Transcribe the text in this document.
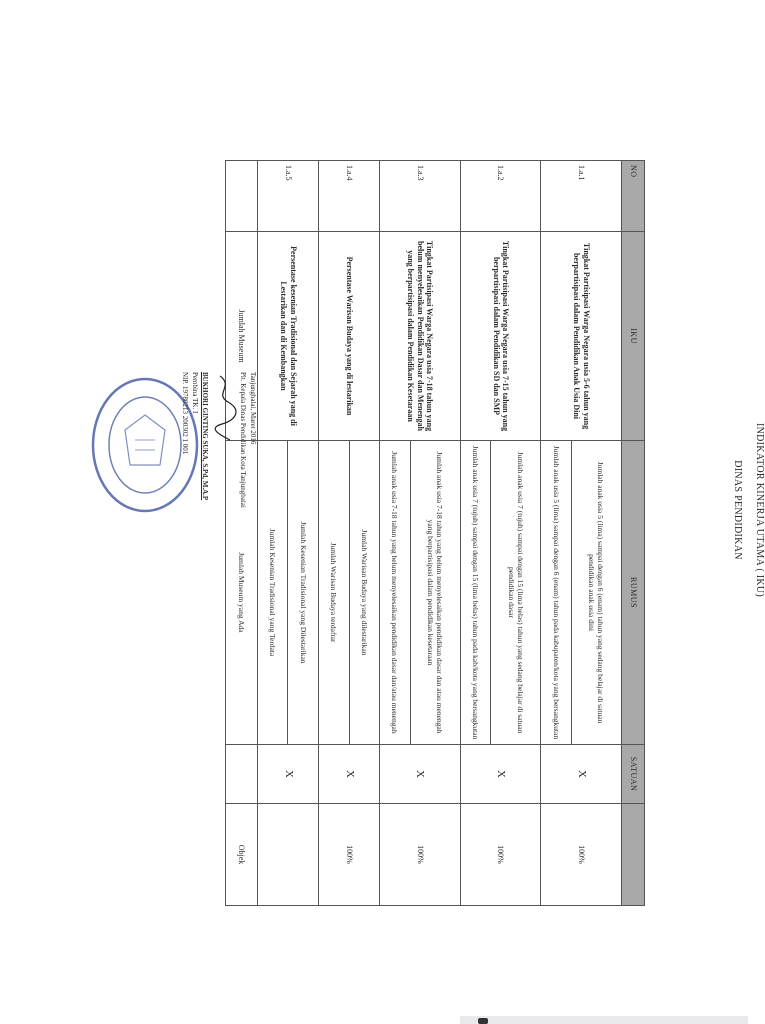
INDIKATOR KINERJA UTAMA ( IKU)
DINAS PENDIDIKAN
NO	IKU	RUMUS	SATUAN	
1.a.1	Tingkat Partisipasi Warga Negara usia 5-6 tahun yang berpartisipasi dalam Pendidikan Anak Usia Dini	Jumlah anak usia 5 (lima) sampai dengan 6 (enam) tahun yang sedang belajar di satuan pendidikan anak usia dini	X	100%
		Jumlah anak usia 5 (lima) sampai dengan 6 (enam) tahun pada kabupaten/kota yang bersangkutan		
1.a.2	Tingkat Partisipasi Warga Negara usia 7-15 tahun yang berpartisipasi dalam Pendidikan SD dan SMP	Jumlah anak usia 7 (tujuh) sampai dengan 15 (lima belas) tahun yang sedang belajar di satuan pendidikan dasar	X	100%
		Jumlah anak usia 7 (tujuh) sampai dengan 15 (lima belas) tahun pada kab/kota yang bersangkutan		
1.a.3	Tingkat Partisipasi Warga Negara usia 7-18 tahun yang belum menyelesaikan Pendidikan Dasar dan Menengah yang berpartisipasi dalam Pendidikan Kesetaraan	Jumlah anak usia 7-18 tahun yang belum menyelesaikan pendidikan dasar dan atau menengah yang berpartisipasi dalam pendidikan kesetaraan	X	100%
		Jumlah anak usia 7-18 tahun yang belum menyelesaikan pendidikan dasar dan/atau menengah		
1.a.4	Persentase Warisan Budaya yang di lestarikan	Jumlah Warisan Budaya yang dilestarikan	X	100%
		Jumlah Warisan Budaya terdaftar		
1.a.5	Persentase kesenian Tradisional dan Sejarah yang di Lestarikan dan di Kembangkan	Jumlah Kesenian Tradisional yang Dilestarikan	X	
		Jumlah Kesenian Tradisional yang Terdata		
	Jumlah Museum	Jumlah Museum yang Ada		Objek
Tanjungbalai, Maret 2016
Plt. Kepala Dinas Pendidikan Kota Tanjungbalai
BUKHORI GINTING SUKA, S.Pd, M.A.P
Pembina TK. I
NIP. 19780213 200302 1 001
